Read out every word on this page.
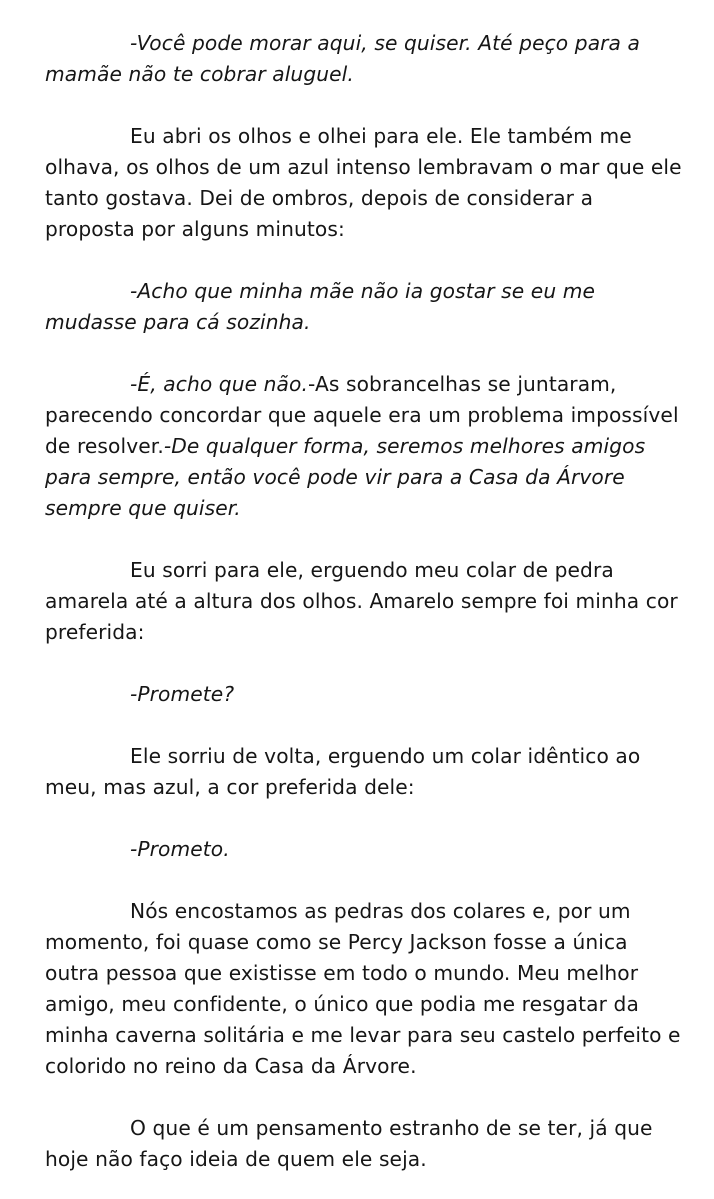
-Você pode morar aqui, se quiser. Até peço para a mamãe não te cobrar aluguel.

Eu abri os olhos e olhei para ele. Ele também me olhava, os olhos de um azul intenso lembravam o mar que ele tanto gostava. Dei de ombros, depois de considerar a proposta por alguns minutos:

-Acho que minha mãe não ia gostar se eu me mudasse para cá sozinha.

-É, acho que não.-As sobrancelhas se juntaram, parecendo concordar que aquele era um problema impossível de resolver.-De qualquer forma, seremos melhores amigos para sempre, então você pode vir para a Casa da Árvore sempre que quiser.

Eu sorri para ele, erguendo meu colar de pedra amarela até a altura dos olhos. Amarelo sempre foi minha cor preferida:

-Promete?

Ele sorriu de volta, erguendo um colar idêntico ao meu, mas azul, a cor preferida dele:

-Prometo.

Nós encostamos as pedras dos colares e, por um momento, foi quase como se Percy Jackson fosse a única outra pessoa que existisse em todo o mundo. Meu melhor amigo, meu confidente, o único que podia me resgatar da minha caverna solitária e me levar para seu castelo perfeito e colorido no reino da Casa da Árvore.

O que é um pensamento estranho de se ter, já que hoje não faço ideia de quem ele seja.
